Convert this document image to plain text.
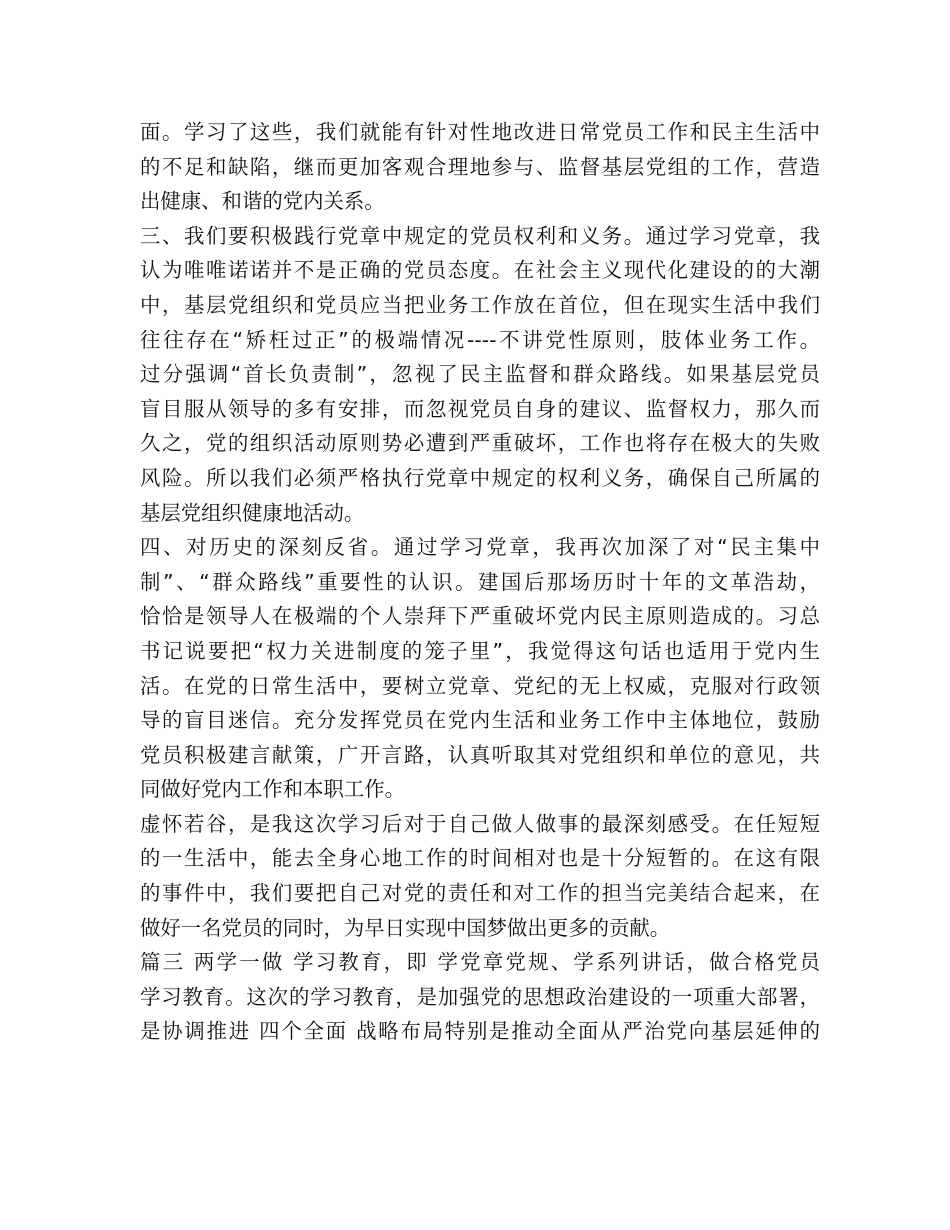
面。学习了这些，我们就能有针对性地改进日常党员工作和民主生活中
的不足和缺陷，继而更加客观合理地参与、监督基层党组的工作，营造
出健康、和谐的党内关系。
三、我们要积极践行党章中规定的党员权利和义务。通过学习党章，我
认为唯唯诺诺并不是正确的党员态度。在社会主义现代化建设的的大潮
中，基层党组织和党员应当把业务工作放在首位，但在现实生活中我们
往往存在“矫枉过正”的极端情况----不讲党性原则，肢体业务工作。
过分强调“首长负责制”，忽视了民主监督和群众路线。如果基层党员
盲目服从领导的多有安排，而忽视党员自身的建议、监督权力，那久而
久之，党的组织活动原则势必遭到严重破坏，工作也将存在极大的失败
风险。所以我们必须严格执行党章中规定的权利义务，确保自己所属的
基层党组织健康地活动。
四、对历史的深刻反省。通过学习党章，我再次加深了对“民主集中
制”、“群众路线”重要性的认识。建国后那场历时十年的文革浩劫，
恰恰是领导人在极端的个人崇拜下严重破坏党内民主原则造成的。习总
书记说要把“权力关进制度的笼子里”，我觉得这句话也适用于党内生
活。在党的日常生活中，要树立党章、党纪的无上权威，克服对行政领
导的盲目迷信。充分发挥党员在党内生活和业务工作中主体地位，鼓励
党员积极建言献策，广开言路，认真听取其对党组织和单位的意见，共
同做好党内工作和本职工作。
虚怀若谷，是我这次学习后对于自己做人做事的最深刻感受。在任短短
的一生活中，能去全身心地工作的时间相对也是十分短暂的。在这有限
的事件中，我们要把自己对党的责任和对工作的担当完美结合起来，在
做好一名党员的同时，为早日实现中国梦做出更多的贡献。
篇三 两学一做 学习教育，即 学党章党规、学系列讲话，做合格党员
学习教育。这次的学习教育，是加强党的思想政治建设的一项重大部署，
是协调推进 四个全面 战略布局特别是推动全面从严治党向基层延伸的
